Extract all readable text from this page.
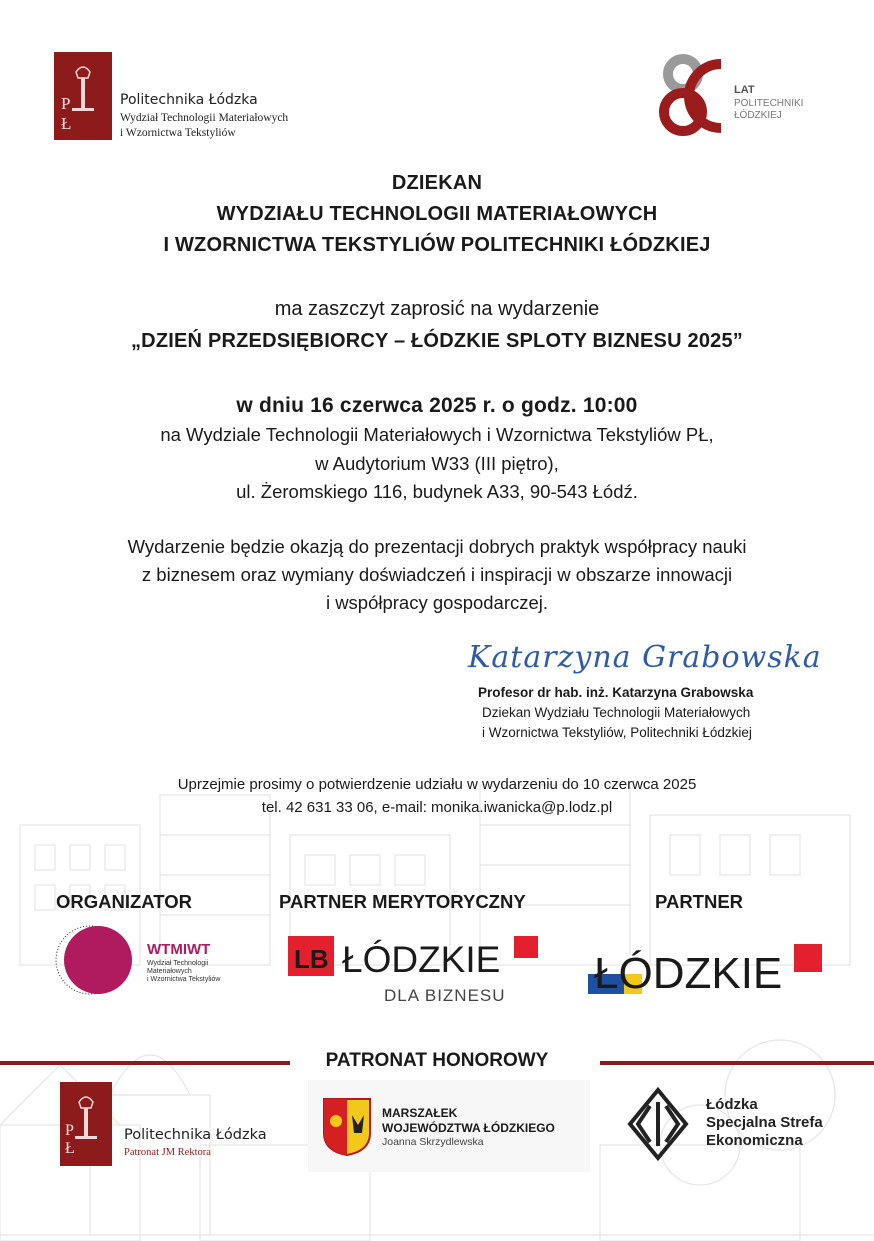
P Ł
Politechnika Łódzka
Wydział Technologii Materiałowych
i Wzornictwa Tekstyliów
80
LAT
POLITECHNIKI
ŁÓDZKIEJ
DZIEKAN
WYDZIAŁU TECHNOLOGII MATERIAŁOWYCH
I WZORNICTWA TEKSTYLIÓW POLITECHNIKI ŁÓDZKIEJ
ma zaszczyt zaprosić na wydarzenie
„DZIEŃ PRZEDSIĘBIORCY – ŁÓDZKIE SPLOTY BIZNESU 2025”
w dniu 16 czerwca 2025 r. o godz. 10:00
na Wydziale Technologii Materiałowych i Wzornictwa Tekstyliów PŁ,
w Audytorium W33 (III piętro),
ul. Żeromskiego 116, budynek A33, 90-543 Łódź.
Wydarzenie będzie okazją do prezentacji dobrych praktyk współpracy nauki
z biznesem oraz wymiany doświadczeń i inspiracji w obszarze innowacji
i współpracy gospodarczej.
Katarzyna Grabowska
Profesor dr hab. inż. Katarzyna Grabowska
Dziekan Wydziału Technologii Materiałowych
i Wzornictwa Tekstyliów, Politechniki Łódzkiej
Uprzejmie prosimy o potwierdzenie udziału w wydarzeniu do 10 czerwca 2025
tel. 42 631 33 06, e-mail: monika.iwanicka@p.lodz.pl
ORGANIZATOR	PARTNER MERYTORYCZNY	PARTNER
WTMIWT
Wydział Technologii
Materiałowych
i Wzornictwa Tekstyliów
LB ŁÓDZKIE
DLA BIZNESU ŁÓDZKIE
PATRONAT HONOROWY
P Ł
Politechnika Łódzka
Patronat JM Rektora
MARSZAŁEK
WOJEWÓDZTWA ŁÓDZKIEGO
Joanna Skrzydlewska
Łódzka
Specjalna Strefa
Ekonomiczna
